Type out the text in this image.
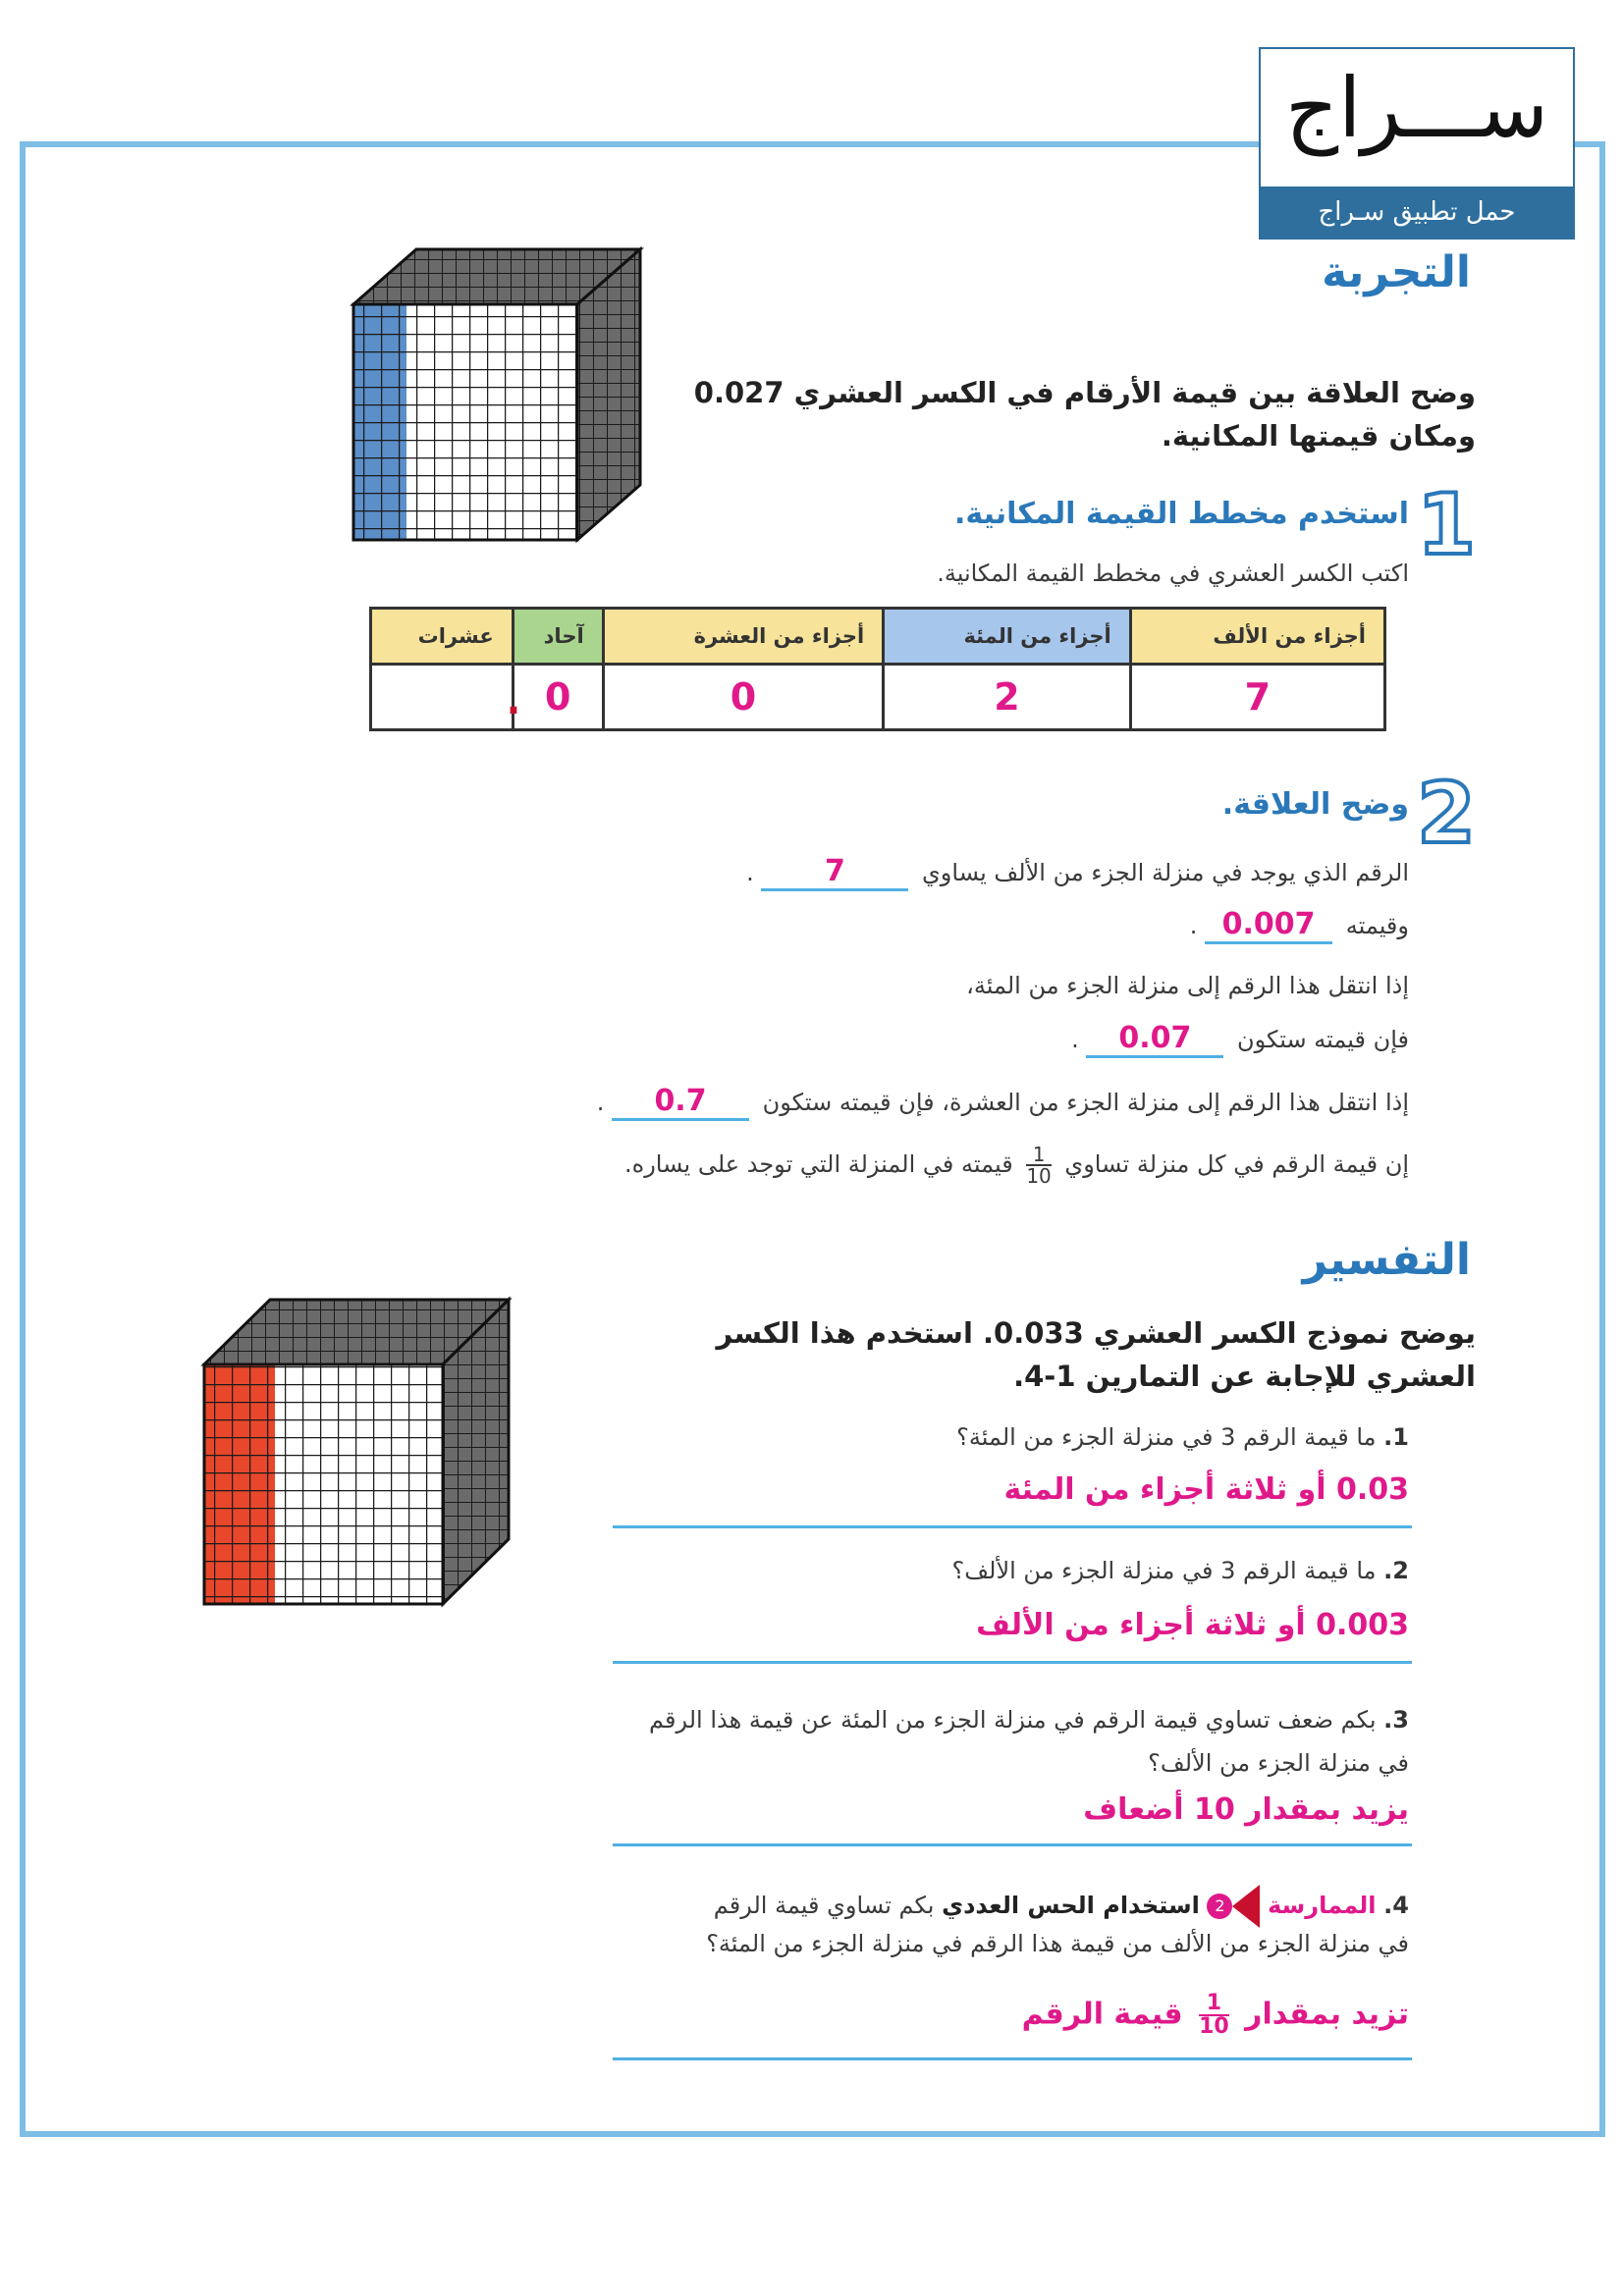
ســـراج
حمل تطبيق سـراج
التجربة
وضح العلاقة بين قيمة الأرقام في الكسر العشري 0.027 ومكان قيمتها المكانية.
1
استخدم مخطط القيمة المكانية.
اكتب الكسر العشري في مخطط القيمة المكانية.
أجزاء من الألف	أجزاء من المئة	أجزاء من العشرة	آحاد	عشرات
7	2	0	0
.	

2
وضح العلاقة.
الرقم الذي يوجد في منزلة الجزء من الألف يساوي 7 .
وقيمته 0.007 .
إذا انتقل هذا الرقم إلى منزلة الجزء من المئة،
فإن قيمته ستكون 0.07 .
إذا انتقل هذا الرقم إلى منزلة الجزء من العشرة، فإن قيمته ستكون 0.7 .
إن قيمة الرقم في كل منزلة تساوي
$\frac{1}{10}$
قيمته في المنزلة التي توجد على يساره.
التفسير
يوضح نموذج الكسر العشري 0.033. استخدم هذا الكسر العشري للإجابة عن التمارين 1-4.
1. ما قيمة الرقم 3 في منزلة الجزء من المئة؟
0.03 أو ثلاثة أجزاء من المئة
2. ما قيمة الرقم 3 في منزلة الجزء من الألف؟
0.003 أو ثلاثة أجزاء من الألف
3. بكم ضعف تساوي قيمة الرقم في منزلة الجزء من المئة عن قيمة هذا الرقم في منزلة الجزء من الألف؟
يزيد بمقدار 10 أضعاف
4. الممارسة 2 استخدام الحس العددي بكم تساوي قيمة الرقم
في منزلة الجزء من الألف من قيمة هذا الرقم في منزلة الجزء من المئة؟
تزيد بمقدار
$\frac{1}{10}$
قيمة الرقم
